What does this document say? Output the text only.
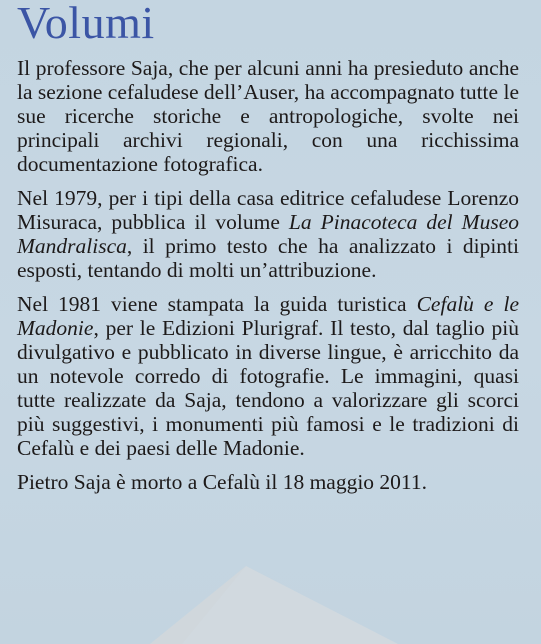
Volumi

Il professore Saja, che per alcuni anni ha presieduto anche la sezione cefaludese dell’Auser, ha accompagnato tutte le sue ricerche storiche e antropologiche, svolte nei principali archivi regionali, con una ricchissima documentazione fotografica.

Nel 1979, per i tipi della casa editrice cefaludese Lorenzo Misuraca, pubblica il volume La Pinacoteca del Museo Mandralisca, il primo testo che ha analizzato i dipinti esposti, tentando di molti un’attribuzione.

Nel 1981 viene stampata la guida turistica Cefalù e le Madonie, per le Edizioni Plurigraf. Il testo, dal taglio più divulgativo e pubblicato in diverse lingue, è arricchito da un notevole corredo di fotografie. Le immagini, quasi tutte realizzate da Saja, tendono a valorizzare gli scorci più suggestivi, i monumenti più famosi e le tradizioni di Cefalù e dei paesi delle Madonie.

Pietro Saja è morto a Cefalù il 18 maggio 2011.
